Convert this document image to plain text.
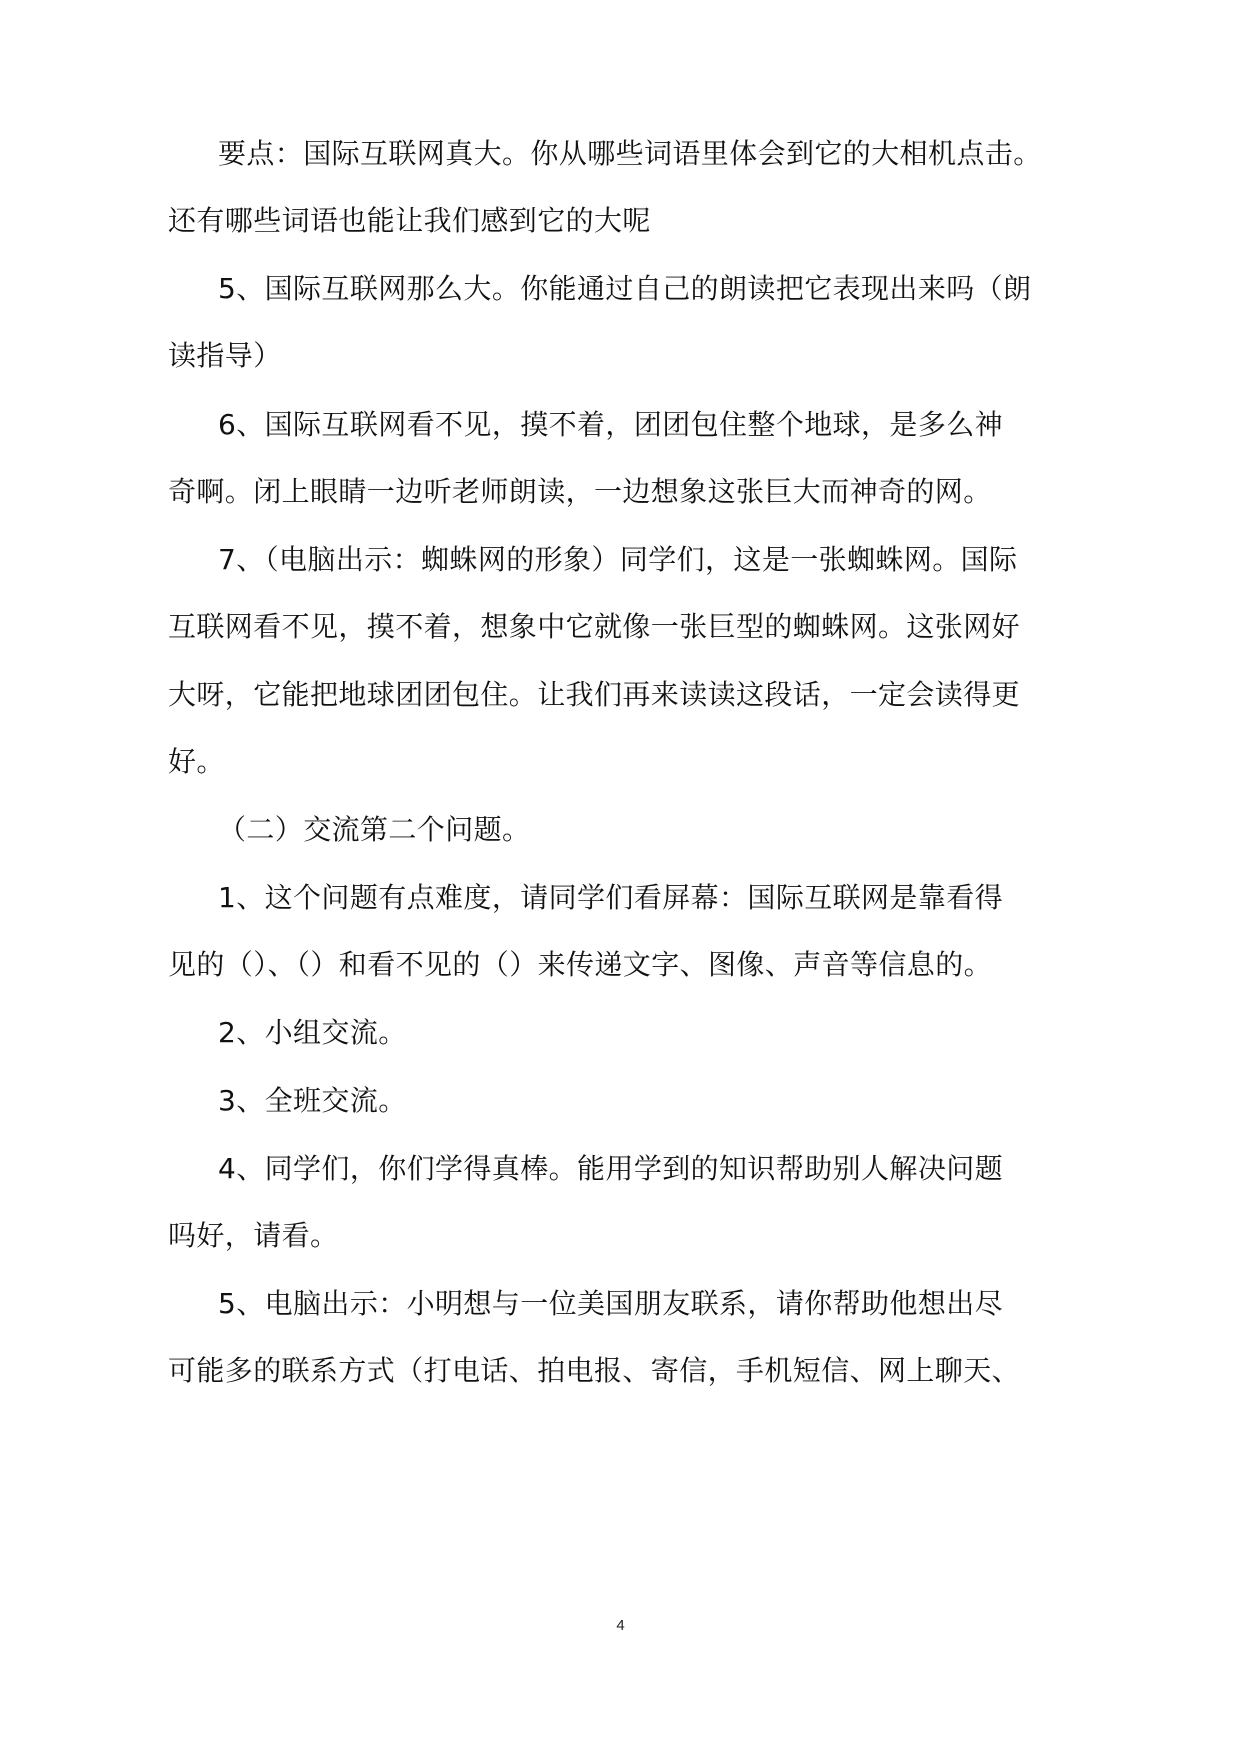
要点：国际互联网真大。你从哪些词语里体会到它的大相机点击。
还有哪些词语也能让我们感到它的大呢
5、国际互联网那么大。你能通过自己的朗读把它表现出来吗（朗
读指导）
6、国际互联网看不见，摸不着，团团包住整个地球，是多么神
奇啊。闭上眼睛一边听老师朗读，一边想象这张巨大而神奇的网。
7、（电脑出示：蜘蛛网的形象）同学们，这是一张蜘蛛网。国际
互联网看不见，摸不着，想象中它就像一张巨型的蜘蛛网。这张网好
大呀，它能把地球团团包住。让我们再来读读这段话，一定会读得更
好。
（二）交流第二个问题。
1、这个问题有点难度，请同学们看屏幕：国际互联网是靠看得
见的（）、（）和看不见的（）来传递文字、图像、声音等信息的。
2、小组交流。
3、全班交流。
4、同学们，你们学得真棒。能用学到的知识帮助别人解决问题
吗好，请看。
5、电脑出示：小明想与一位美国朋友联系，请你帮助他想出尽
可能多的联系方式（打电话、拍电报、寄信，手机短信、网上聊天、
4
